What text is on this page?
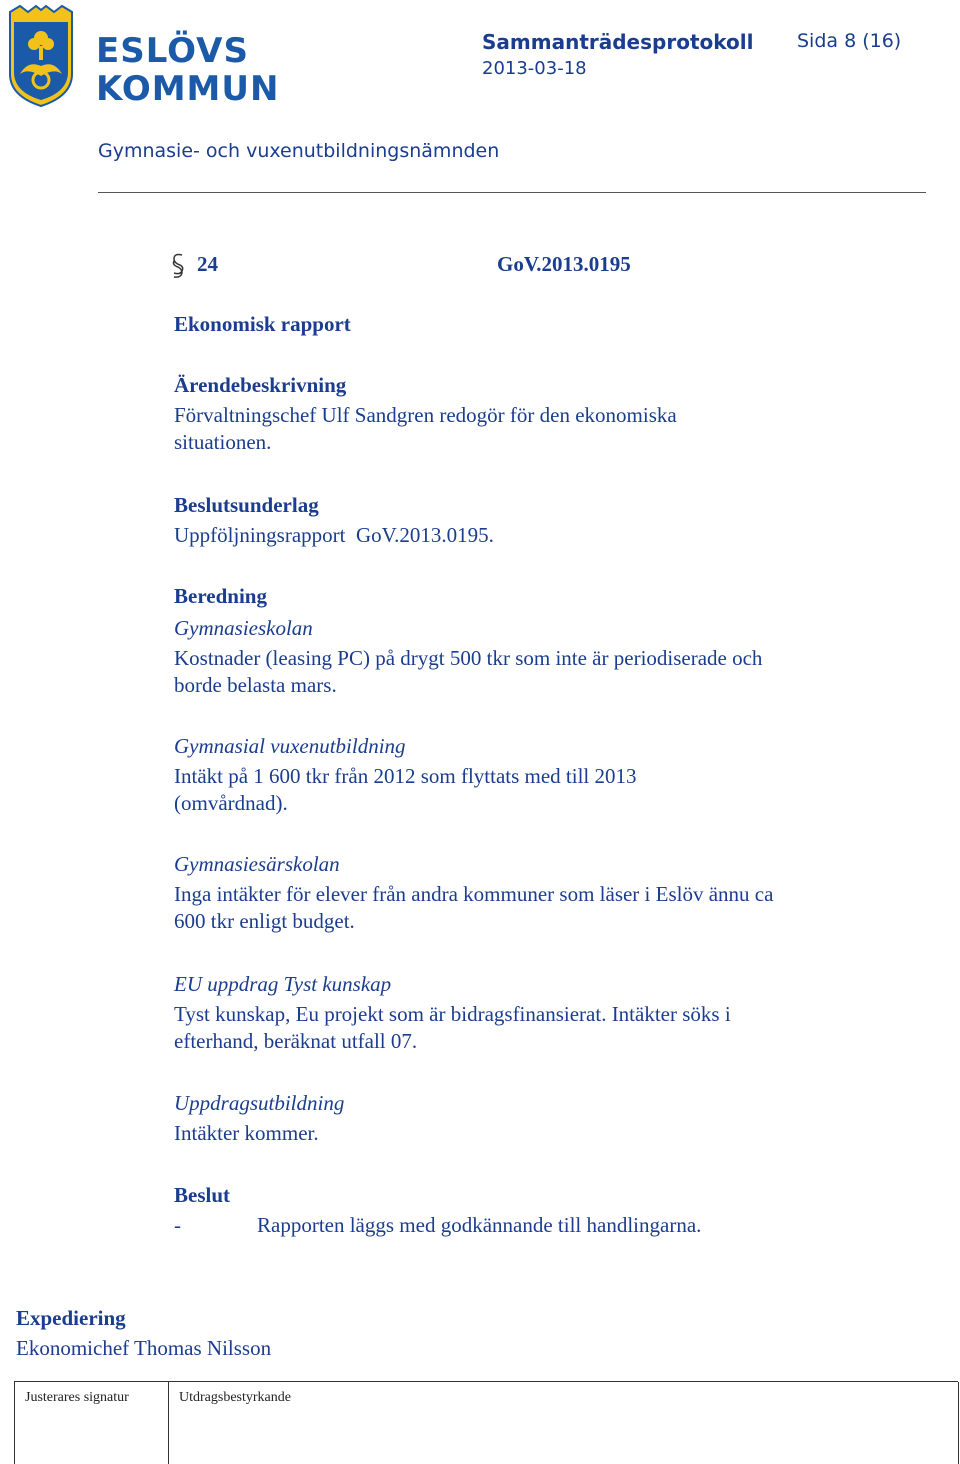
ESLÖVS
KOMMUN
Sammanträdesprotokoll Sida 8 (16)
2013-03-18
Gymnasie- och vuxenutbildningsnämnden
24	GoV.2013.0195
Ekonomisk rapport
Ärendebeskrivning
Förvaltningschef Ulf Sandgren redogör för den ekonomiska situationen.
Beslutsunderlag
Uppföljningsrapport  GoV.2013.0195.
Beredning
Gymnasieskolan
Kostnader (leasing PC) på drygt 500 tkr som inte är periodiserade och borde belasta mars.
Gymnasial vuxenutbildning
Intäkt på 1 600 tkr från 2012 som flyttats med till 2013 (omvårdnad).
Gymnasiesärskolan
Inga intäkter för elever från andra kommuner som läser i Eslöv ännu ca 600 tkr enligt budget.
EU uppdrag Tyst kunskap
Tyst kunskap, Eu projekt som är bidragsfinansierat. Intäkter söks i efterhand, beräknat utfall 07.
Uppdragsutbildning
Intäkter kommer.
Beslut
-	Rapporten läggs med godkännande till handlingarna.
Expediering
Ekonomichef Thomas Nilsson
Justerares signatur	Utdragsbestyrkande
